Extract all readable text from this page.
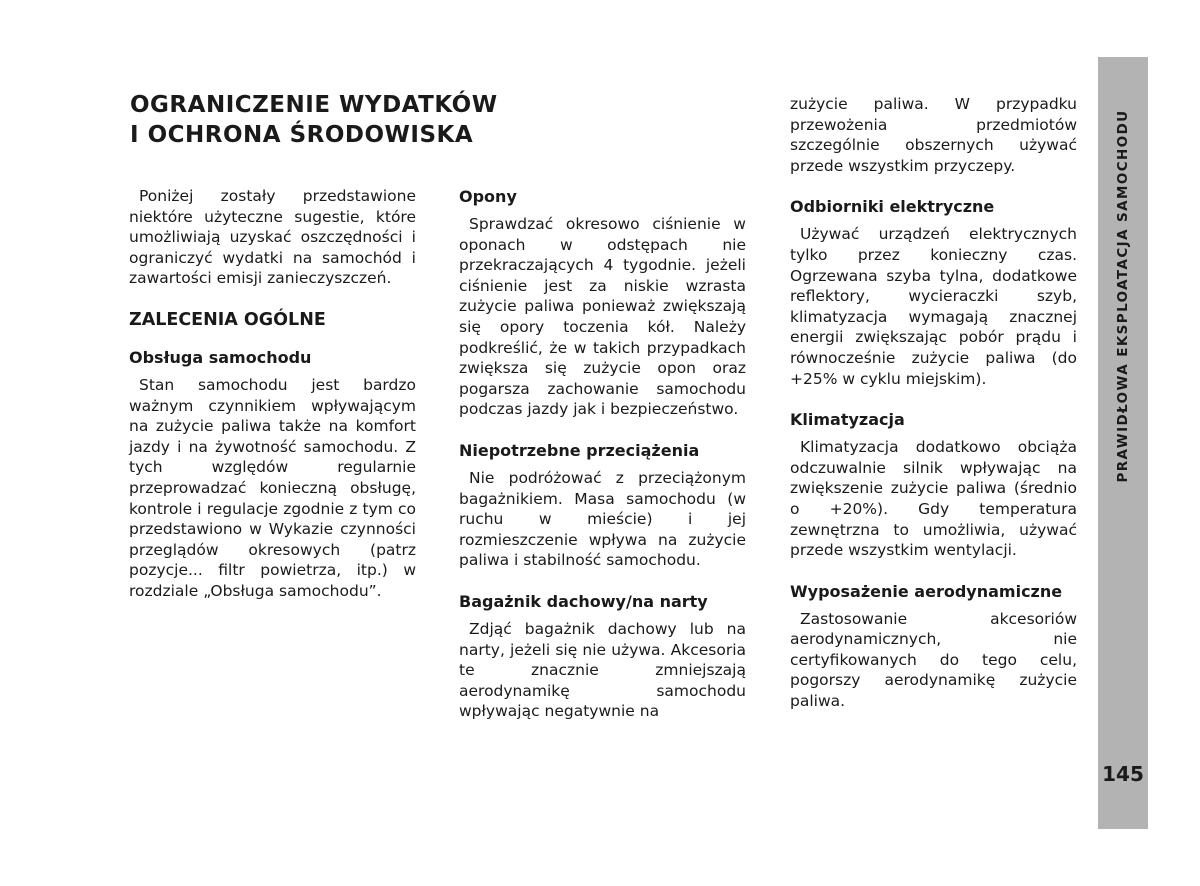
OGRANICZENIE WYDATKÓW
I OCHRONA ŚRODOWISKA

Poniżej zostały przedstawione niektóre użyteczne sugestie, które umożliwiają uzyskać oszczędności i ograniczyć wydatki na samochód i zawartości emisji zanieczyszczeń.

ZALECENIA OGÓLNE
Obsługa samochodu

Stan samochodu jest bardzo ważnym czynnikiem wpływającym na zużycie paliwa także na komfort jazdy i na żywotność samochodu. Z tych względów regularnie przeprowadzać konieczną obsługę, kontrole i regulacje zgodnie z tym co przedstawiono w Wykazie czynności przeglądów okresowych (patrz pozycje... filtr powietrza, itp.) w rozdziale „Obsługa samochodu”.

Opony

Sprawdzać okresowo ciśnienie w oponach w odstępach nie przekraczających 4 tygodnie. jeżeli ciśnienie jest za niskie wzrasta zużycie paliwa ponieważ zwiększają się opory toczenia kół. Należy podkreślić, że w takich przypadkach zwiększa się zużycie opon oraz pogarsza zachowanie samochodu podczas jazdy jak i bezpieczeństwo.

Niepotrzebne przeciążenia

Nie podróżować z przeciążonym bagażnikiem. Masa samochodu (w ruchu w mieście) i jej rozmieszczenie wpływa na zużycie paliwa i stabilność samochodu.

Bagażnik dachowy/na narty

Zdjąć bagażnik dachowy lub na narty, jeżeli się nie używa. Akcesoria te znacznie zmniejszają aerodynamikę samochodu wpływając negatywnie na

zużycie paliwa. W przypadku przewożenia przedmiotów szczególnie obszernych używać przede wszystkim przyczepy.

Odbiorniki elektryczne

Używać urządzeń elektrycznych tylko przez konieczny czas. Ogrzewana szyba tylna, dodatkowe reflektory, wycieraczki szyb, klimatyzacja wymagają znacznej energii zwiększając pobór prądu i równocześnie zużycie paliwa (do +25% w cyklu miejskim).

Klimatyzacja

Klimatyzacja dodatkowo obciąża odczuwalnie silnik wpływając na zwiększenie zużycie paliwa (średnio o +20%). Gdy temperatura zewnętrzna to umożliwia, używać przede wszystkim wentylacji.

Wyposażenie aerodynamiczne

Zastosowanie akcesoriów aerodynamicznych, nie certyfikowanych do tego celu, pogorszy aerodynamikę zużycie paliwa.

PRAWIDŁOWA EKSPLOATACJA SAMOCHODU
145
